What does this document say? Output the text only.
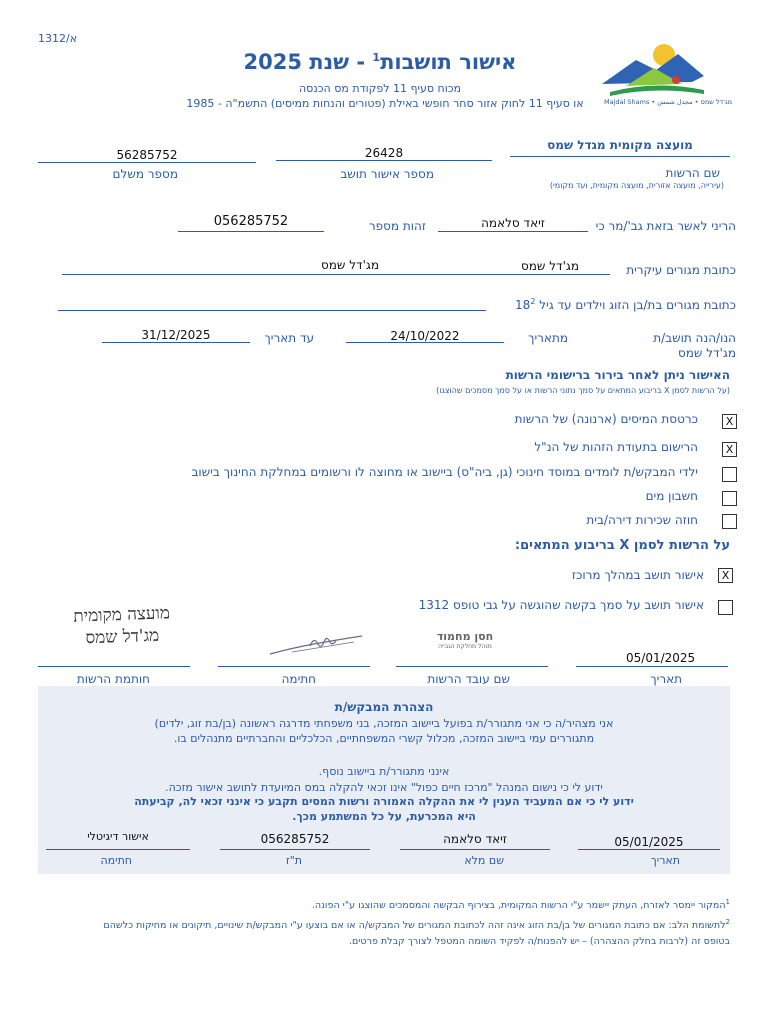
1312/א
אישור תושבות$^1$ - שנת 2025
מכוח סעיף 11 לפקודת מס הכנסה
או סעיף 11 לחוק אזור סחר חופשי באילת (פטורים והנחות ממיסים) התשמ"ה - 1985	Majdal Shams • מג'דל שמס • مجدل شمس
מועצה מקומית מגדל שמס
שם הרשות
(עירייה, מועצה אזורית, מועצה מקומית, ועד מקומי)
26428
מספר אישור תושב
56285752
מספר משלם
הריני לאשר בזאת גב'/מר כי
זיאד סלאמה
זהות מספר
056285752
כתובת מגורים עיקרית
מג'דל שמס
מג'דל שמס
כתובת מגורים בת/בן הזוג וילדים עד גיל $18^2$
הנו/הנה תושב/ת מג'דל שמס
מתאריך
24/10/2022
עד תאריך
31/12/2025
האישור ניתן לאחר בירור ברישומי הרשות
(על הרשות לסמן X בריבוע המתאים על סמך נתוני הרשות או על סמך מסמכים שהוצגו)
X
כרטסת המיסים (ארנונה) של הרשות
X
הרישום בתעודת הזהות של הנ"ל
ילדי המבקש/ת לומדים במוסד חינוכי (גן, ביה"ס) ביישוב או מחוצה לו ורשומים במחלקת החינוך בישוב
חשבון מים
חוזה שכירות דירה/בית
על הרשות לסמן X בריבוע המתאים:
X
אישור תושב במהלך מרוכז
אישור תושב על סמך בקשה שהוגשה על גבי טופס 1312
מועצה מקומית
מג'דל שמס	חסן מחמוד
מנהל מחלקת הגבייה
05/01/2025
תאריך
שם עובד הרשות
חתימה
חותמת הרשות
הצהרת המבקש/ת
אני מצהיר/ה כי אני מתגורר/ת בפועל ביישוב המזכה, בני משפחתי מדרגה ראשונה (בן/בת זוג, ילדים)
מתגוררים עמי ביישוב המזכה, מכלול קשרי המשפחתיים, הכלכליים והחברתיים מתנהלים בו.
אינני מתגורר/ת ביישוב נוסף.
ידוע לי כי נישום המנהל "מרכז חיים כפול" אינו זכאי להקלה במס המיועדת לתושב אישור מזכה.
ידוע לי כי אם המעביד הענין לי את ההקלה האמורה ורשות המסים תקבע כי אינני זכאי לה, קביעתה
היא המכרעת, על כל המשתמע מכך.
05/01/2025
זיאד סלאמה
056285752
אישור דיגיטלי
תאריך
שם מלא
ת"ז
חתימה
$^1$המקור יימסר לאזרח, העתק יישמר ע"י הרשות המקומית, בצירוף הבקשה והמסמכים שהוצגו ע"י הפונה.
$^2$לתשומת הלב: אם כתובת המגורים של בן/בת הזוג אינה זהה לכתובת המגורים של המבקש/ה או אם בוצעו ע"י המבקש/ת שינויים, תיקונים או מחיקות כלשהם
בטופס זה (לרבות בחלק ההצהרה) – יש להפנות/ה לפקיד השומה המטפל לצורך קבלת פרטים.
